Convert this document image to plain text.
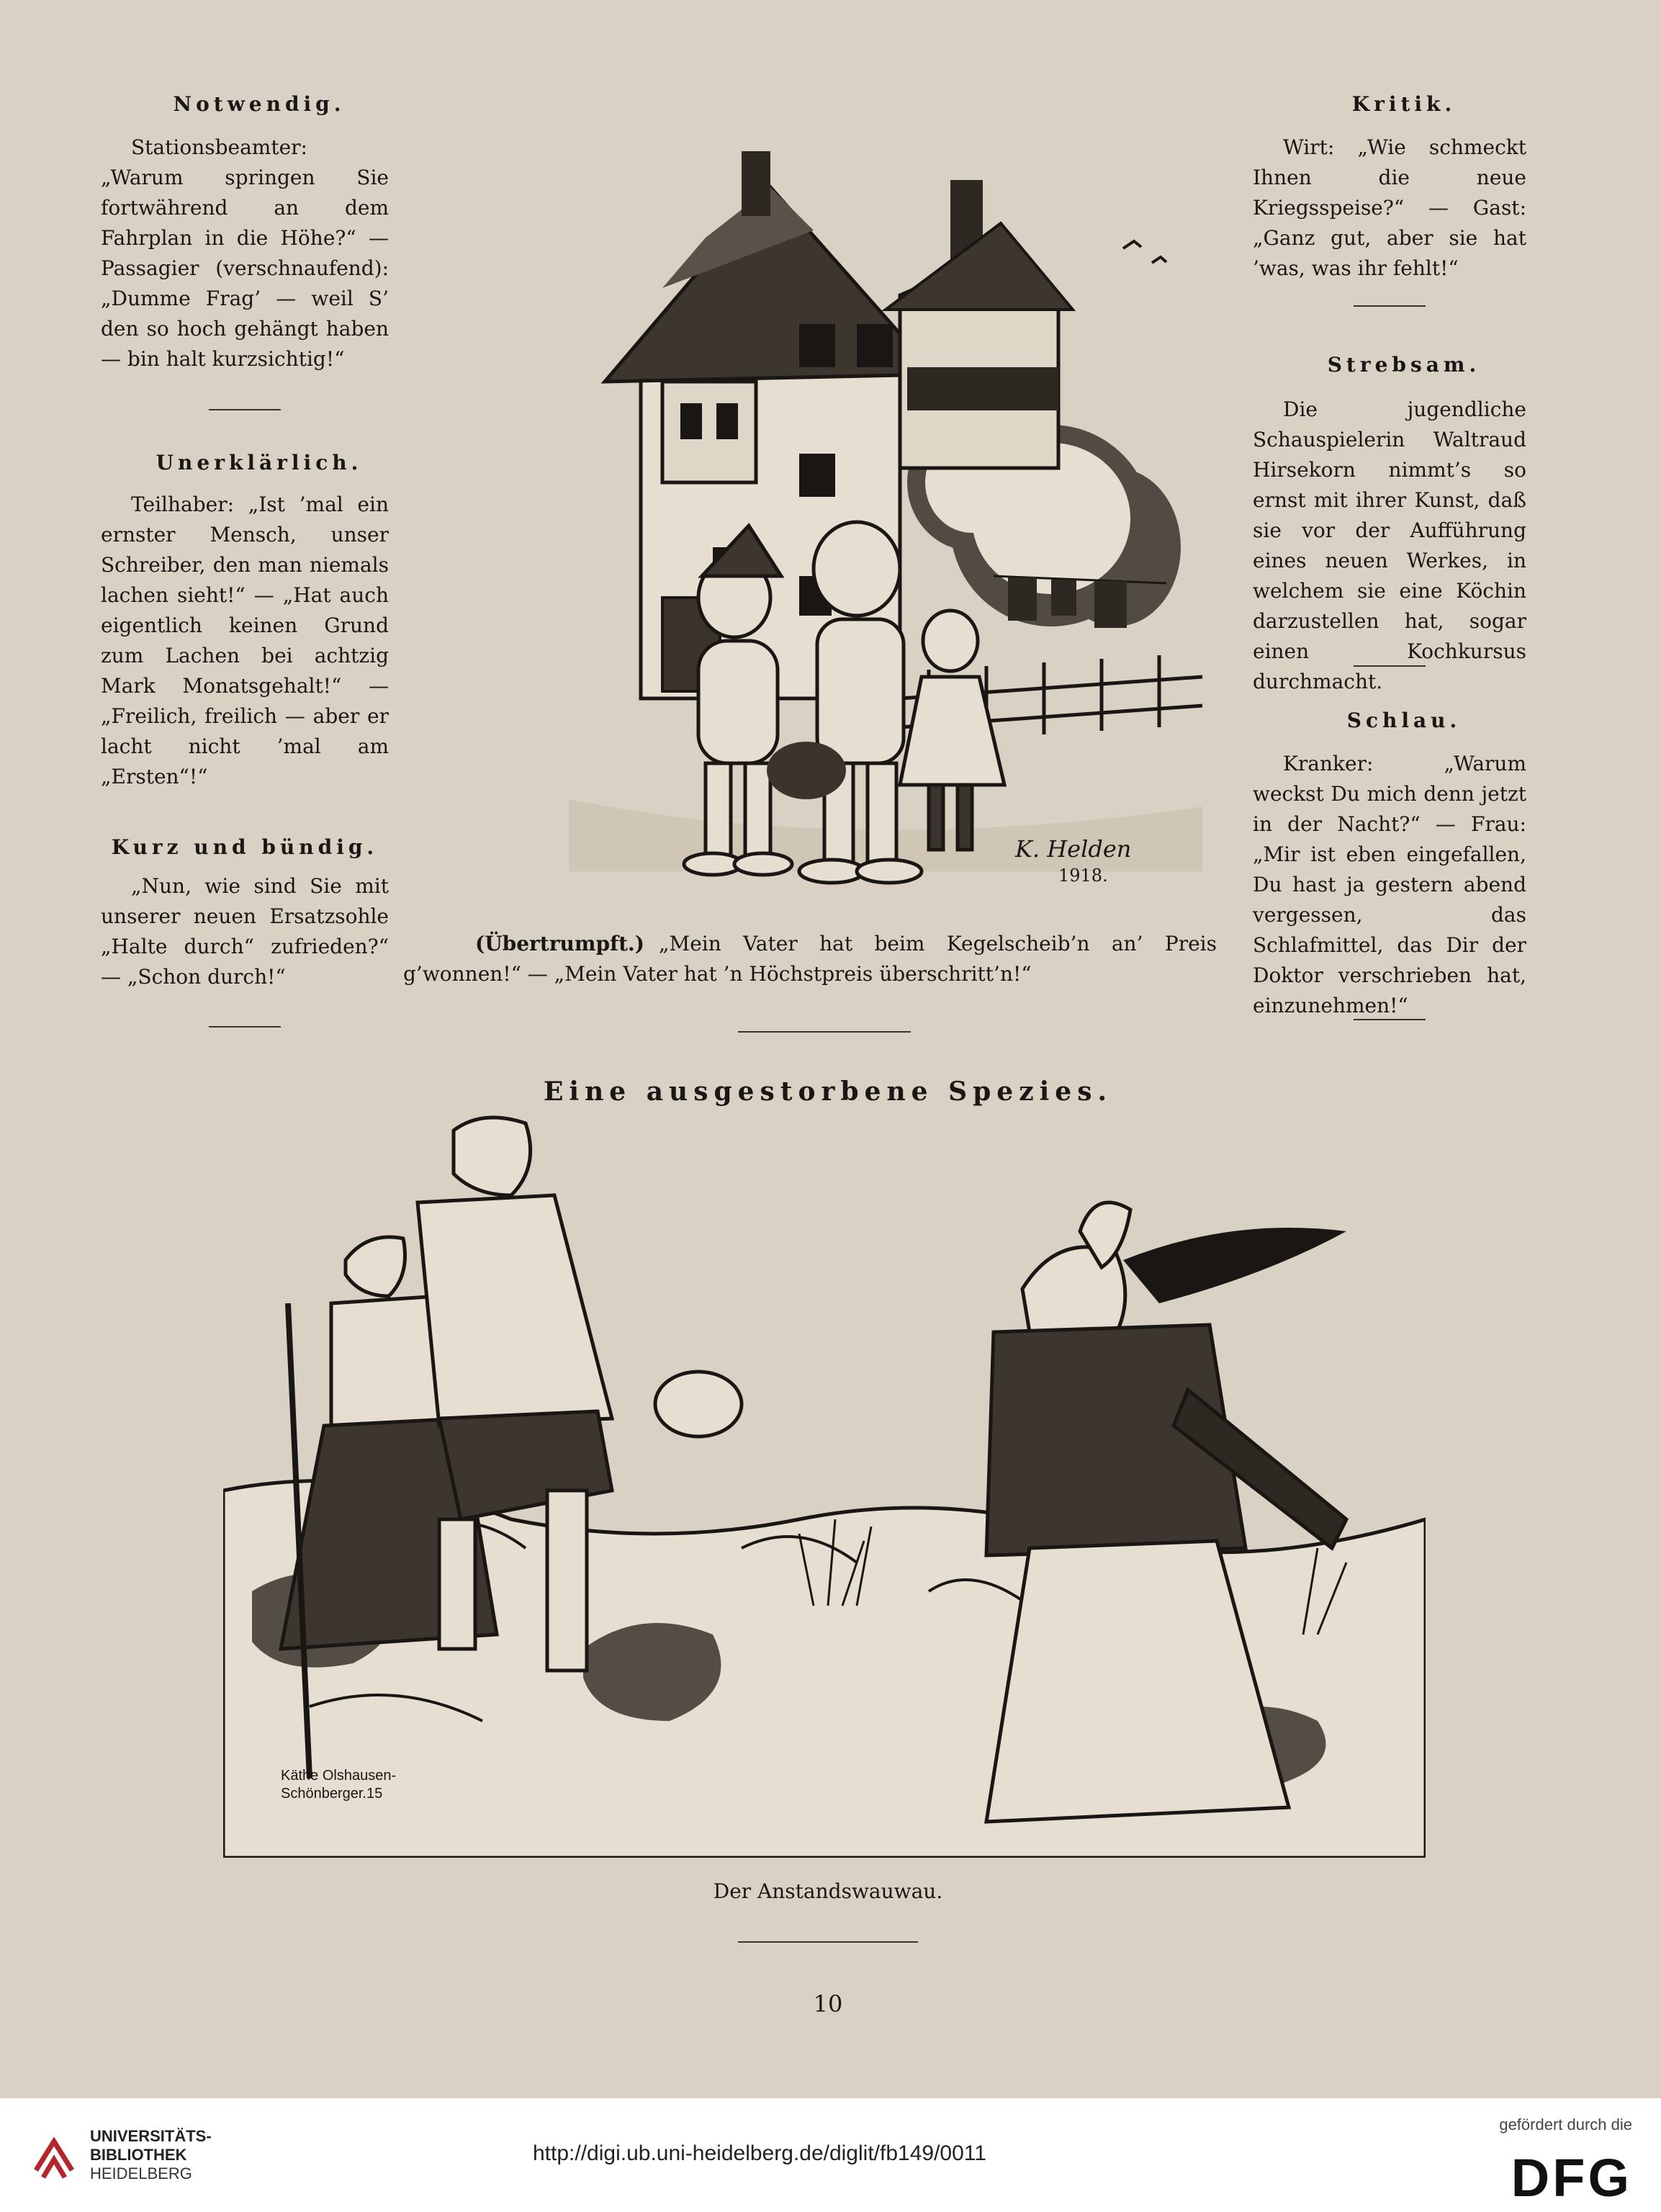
Notwendig.

Stationsbeamter: „Warum springen Sie fortwährend an dem Fahrplan in die Höhe?“ — Passagier (verschnaufend): „Dumme Frag’ — weil S’ den so hoch gehängt haben — bin halt kurzsichtig!“

Unerklärlich.

Teilhaber: „Ist ’mal ein ernster Mensch, unser Schreiber, den man niemals lachen sieht!“ — „Hat auch eigentlich keinen Grund zum Lachen bei achtzig Mark Monatsgehalt!“ — „Freilich, freilich — aber er lacht nicht ’mal am „Ersten“!“

Kurz und bündig.

„Nun, wie sind Sie mit unserer neuen Ersatzsohle „Halte durch“ zufrieden?“ — „Schon durch!“

Kritik.

Wirt: „Wie schmeckt Ihnen die neue Kriegsspeise?“ — Gast: „Ganz gut, aber sie hat ’was, was ihr fehlt!“

Strebsam.

Die jugendliche Schauspielerin Waltraud Hirsekorn nimmt’s so ernst mit ihrer Kunst, daß sie vor der Aufführung eines neuen Werkes, in welchem sie eine Köchin darzustellen hat, sogar einen Kochkursus durchmacht.

Schlau.

Kranker: „Warum weckst Du mich denn jetzt in der Nacht?“ — Frau: „Mir ist eben eingefallen, Du hast ja gestern abend vergessen, das Schlafmittel, das Dir der Doktor verschrieben hat, einzunehmen!“

K. Helden
1918.
(Übertrumpft.) „Mein Vater hat beim Kegelscheib’n an’ Preis g’wonnen!“ — „Mein Vater hat ’n Höchstpreis überschritt’n!“
Eine ausgestorbene Spezies.
Käthe Olshausen-
Schönberger.15
Der Anstandswauwau.
10
UNIVERSITÄTS-
BIBLIOTHEK
HEIDELBERG
http://digi.ub.uni-heidelberg.de/diglit/fb149/0011
gefördert durch die
DFG
